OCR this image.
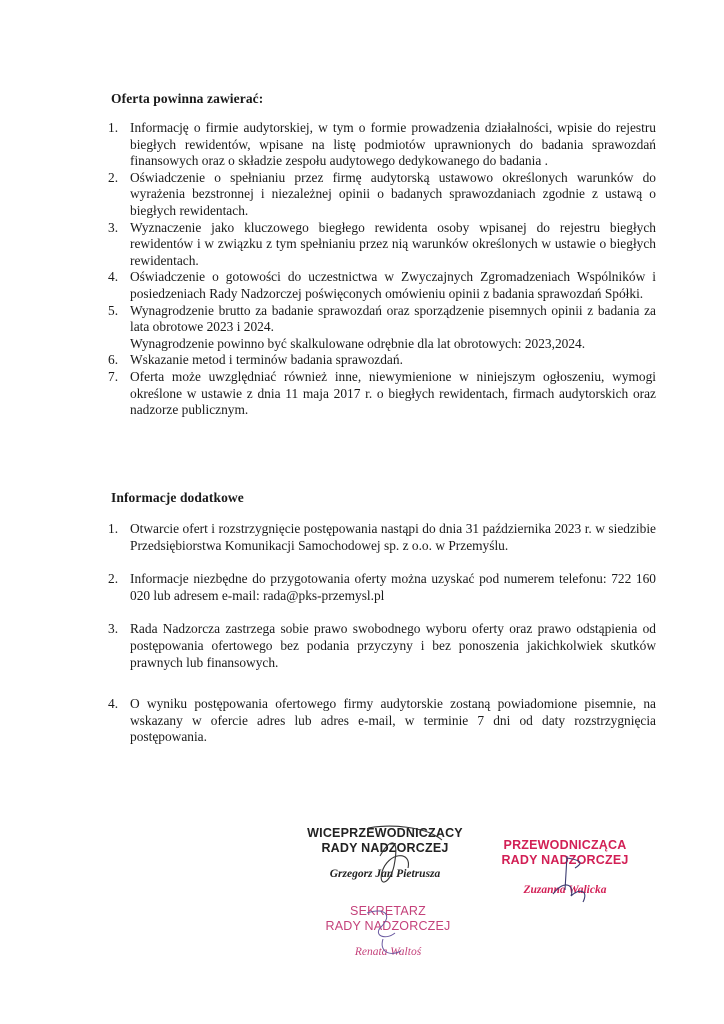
Oferta powinna zawierać:
1. Informację o firmie audytorskiej, w tym o formie prowadzenia działalności, wpisie do rejestru biegłych rewidentów, wpisane na listę podmiotów uprawnionych do badania sprawozdań finansowych oraz o składzie zespołu audytowego dedykowanego do badania .
2. Oświadczenie o spełnianiu przez firmę audytorską ustawowo określonych warunków do wyrażenia bezstronnej i niezależnej opinii o badanych sprawozdaniach zgodnie z ustawą o biegłych rewidentach.
3. Wyznaczenie jako kluczowego biegłego rewidenta osoby wpisanej do rejestru biegłych rewidentów i w związku z tym spełnianiu przez nią warunków określonych w ustawie o biegłych rewidentach.
4. Oświadczenie o gotowości do uczestnictwa w Zwyczajnych Zgromadzeniach Wspólników i posiedzeniach Rady Nadzorczej poświęconych omówieniu opinii z badania sprawozdań Spółki.
5. Wynagrodzenie brutto za badanie sprawozdań oraz sporządzenie pisemnych opinii z badania za lata obrotowe 2023 i 2024.
Wynagrodzenie powinno być skalkulowane odrębnie dla lat obrotowych: 2023,2024.
6. Wskazanie metod i terminów badania sprawozdań.
7. Oferta może uwzględniać również inne, niewymienione w niniejszym ogłoszeniu, wymogi określone w ustawie z dnia 11 maja 2017 r. o biegłych rewidentach, firmach audytorskich oraz nadzorze publicznym.
Informacje dodatkowe
1. Otwarcie ofert i rozstrzygnięcie postępowania nastąpi do dnia 31 października 2023 r. w siedzibie Przedsiębiorstwa Komunikacji Samochodowej sp. z o.o. w Przemyślu.
2. Informacje niezbędne do przygotowania oferty można uzyskać pod numerem telefonu: 722 160 020 lub adresem e-mail: rada@pks-przemysl.pl
3. Rada Nadzorcza zastrzega sobie prawo swobodnego wyboru oferty oraz prawo odstąpienia od postępowania ofertowego bez podania przyczyny i bez ponoszenia jakichkolwiek skutków prawnych lub finansowych.
4. O wyniku postępowania ofertowego firmy audytorskie zostaną powiadomione pisemnie, na wskazany w ofercie adres lub adres e-mail, w terminie 7 dni od daty rozstrzygnięcia postępowania.
WICEPRZEWODNICZACY
RADY NADZORCZEJ
Grzegorz Jan Pietrusza
PRZEWODNICZĄCA
RADY NADZORCZEJ
Zuzanna Walicka
SEKRETARZ
RADY NADZORCZEJ
Renata Waltoś
